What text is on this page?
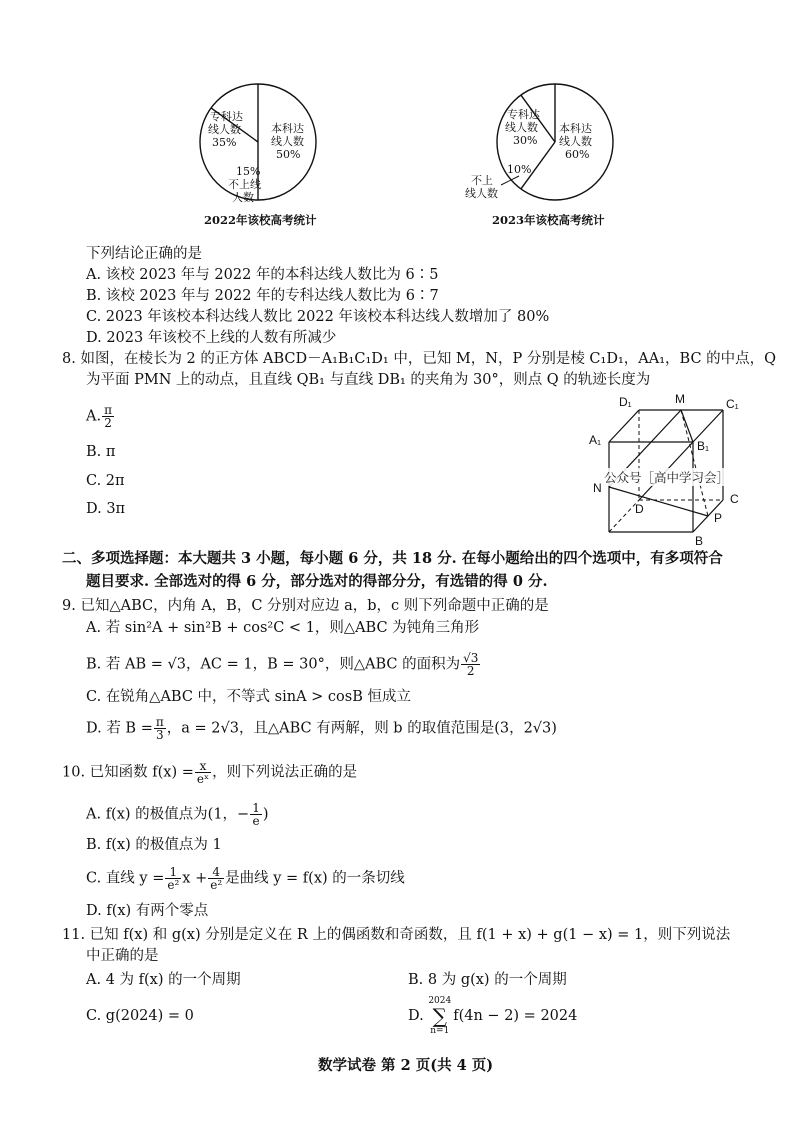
专科达
线人数
35%
本科达
线人数
50%
15%
不上线
人数
2022年该校高考统计
专科达
线人数
30%
本科达
线人数
60%
10%
不上
线人数
2023年该校高考统计
下列结论正确的是
A. 该校 2023 年与 2022 年的本科达线人数比为 6∶5
B. 该校 2023 年与 2022 年的专科达线人数比为 6∶7
C. 2023 年该校本科达线人数比 2022 年该校本科达线人数增加了 80%
D. 2023 年该校不上线的人数有所减少
8. 如图，在棱长为 2 的正方体 ABCD－A₁B₁C₁D₁ 中，已知 M，N，P 分别是棱 C₁D₁，AA₁，BC 的中点，Q
为平面 PMN 上的动点，且直线 QB₁ 与直线 DB₁ 的夹角为 30°，则点 Q 的轨迹长度为
A. $\frac{\pi}{2}$
B. π
C. 2π
D. 3π
D₁	M	C₁
A₁	B₁
N
C
D
P
B
公众号［高中学习会］
二、多项选择题：本大题共 3 小题，每小题 6 分，共 18 分. 在每小题给出的四个选项中，有多项符合
题目要求. 全部选对的得 6 分，部分选对的得部分分，有选错的得 0 分.
9. 已知△ABC，内角 A，B，C 分别对应边 a，b，c 则下列命题中正确的是
A. 若 sin²A + sin²B + cos²C < 1，则△ABC 为钝角三角形
B. 若 AB = √3，AC = 1，B = 30°，则△ABC 的面积为 $\frac{√3}{2}$
C. 在锐角△ABC 中，不等式 sinA > cosB 恒成立
D. 若 $B = \frac{\pi}{3}$ ，a = 2√3，且△ABC 有两解，则 b 的取值范围是(3，2√3)
10. 已知函数 $f(x) = \frac{x}{\text{eˣ}}$ ，则下列说法正确的是
A. f(x) 的极值点为(1，− $\frac{1}{e}$ )
B. f(x) 的极值点为 1
C. 直线 $y = \frac{1}{\text{e²}}$ $x + \frac{4}{\text{e²}}$ 是曲线 y = f(x) 的一条切线
D. f(x) 有两个零点
11. 已知 f(x) 和 g(x) 分别是定义在 R 上的偶函数和奇函数，且 f(1 + x) + g(1 − x) = 1，则下列说法
中正确的是
A. 4 为 f(x) 的一个周期	B. 8 为 g(x) 的一个周期
C. g(2024) = 0	D. 2024
∑
n=1f(4n − 2) = 2024
数学试卷 第 2 页(共 4 页)
